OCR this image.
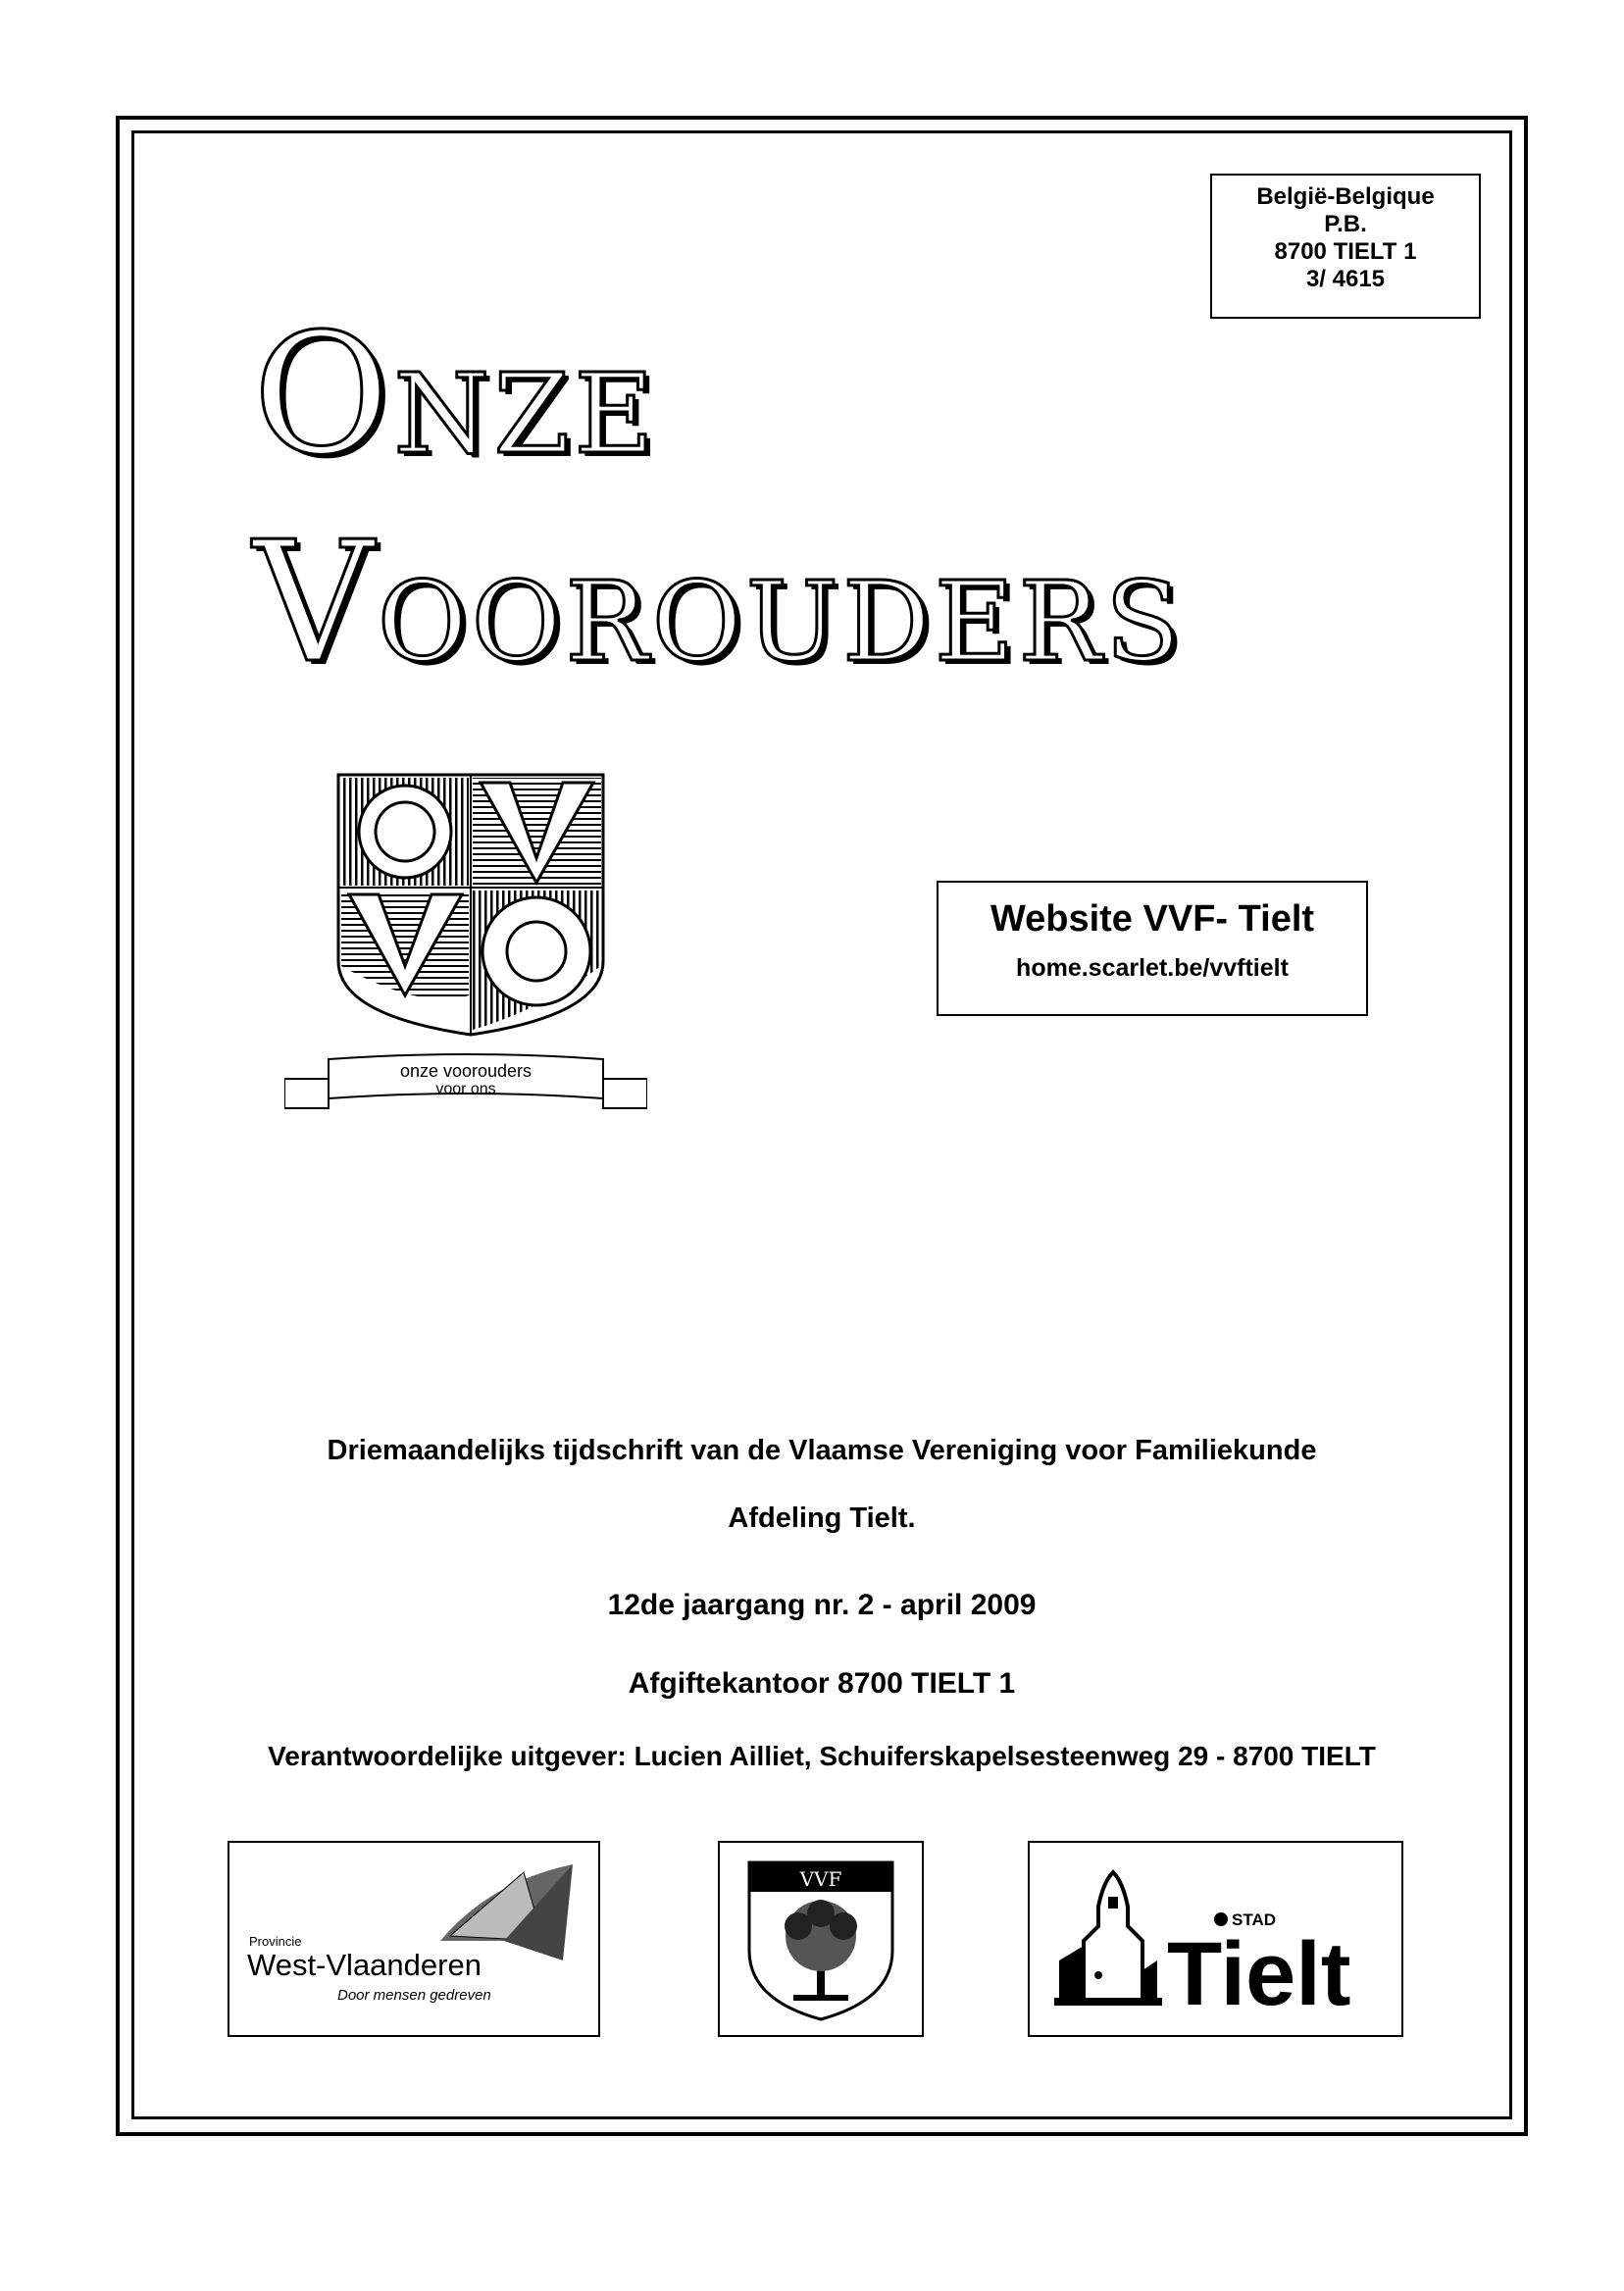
België-Belgique
P.B.
8700 TIELT 1
3/ 4615
ONZE
VOOROUDERS
onze voorouders
voor ons
Website VVF- Tielt
home.scarlet.be/vvftielt
Driemaandelijks tijdschrift van de Vlaamse Vereniging voor Familiekunde
Afdeling Tielt.
12de jaargang nr. 2 - april 2009
Afgiftekantoor 8700 TIELT 1
Verantwoordelijke uitgever: Lucien Ailliet, Schuiferskapelsesteenweg 29 - 8700 TIELT
Provincie
West-Vlaanderen
Door mensen gedreven
VVF
STAD
Tielt
